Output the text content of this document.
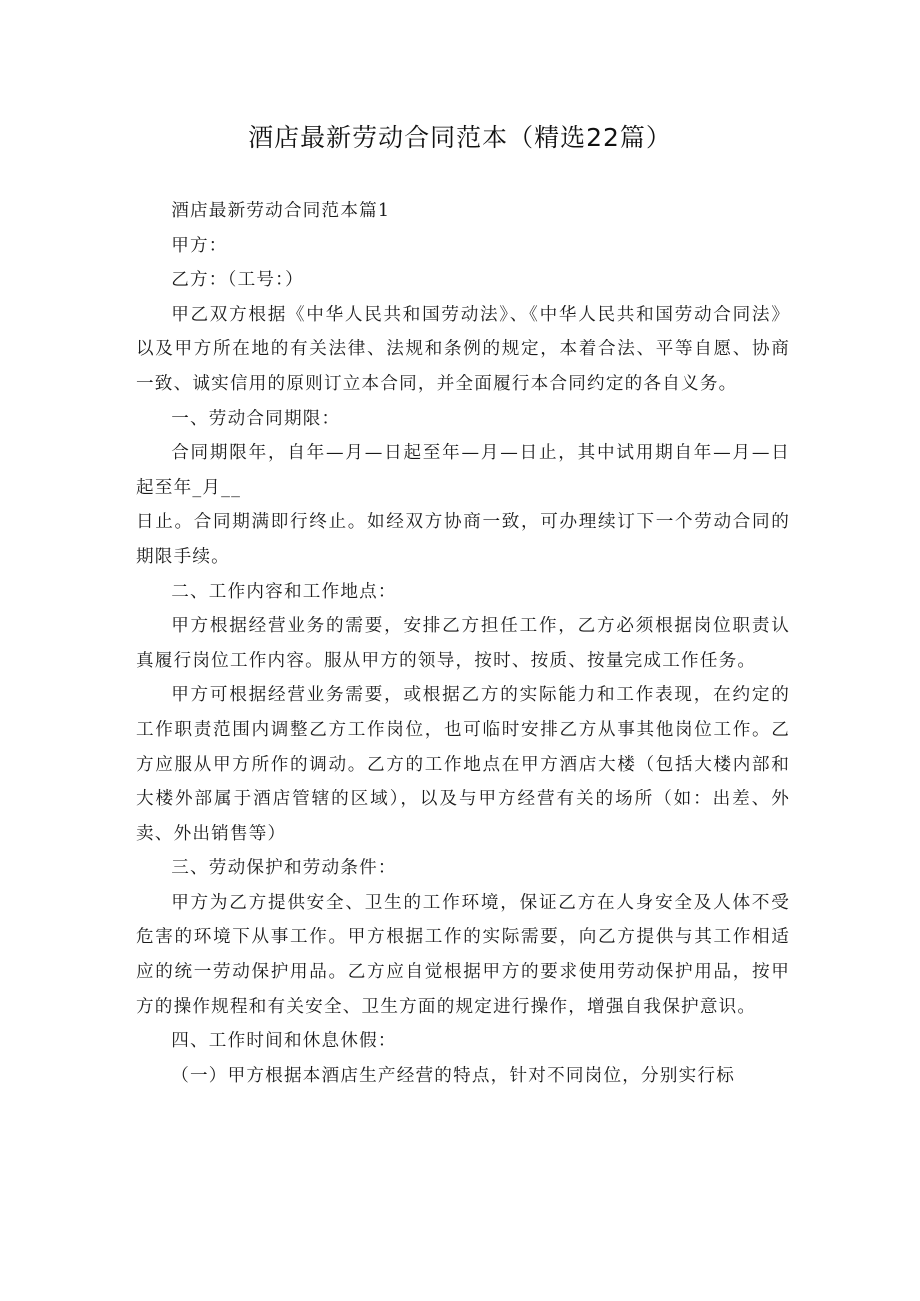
酒店最新劳动合同范本（精选22篇）

酒店最新劳动合同范本篇1

甲方：

乙方：（工号：）

甲乙双方根据《中华人民共和国劳动法》、《中华人民共和国劳动合同法》以及甲方所在地的有关法律、法规和条例的规定，本着合法、平等自愿、协商一致、诚实信用的原则订立本合同，并全面履行本合同约定的各自义务。

一、劳动合同期限：

合同期限年，自年—月—日起至年—月—日止，其中试用期自年—月—日起至年_月__

日止。合同期满即行终止。如经双方协商一致，可办理续订下一个劳动合同的期限手续。

二、工作内容和工作地点：

甲方根据经营业务的需要，安排乙方担任工作，乙方必须根据岗位职责认真履行岗位工作内容。服从甲方的领导，按时、按质、按量完成工作任务。

甲方可根据经营业务需要，或根据乙方的实际能力和工作表现，在约定的工作职责范围内调整乙方工作岗位，也可临时安排乙方从事其他岗位工作。乙方应服从甲方所作的调动。乙方的工作地点在甲方酒店大楼（包括大楼内部和大楼外部属于酒店管辖的区域），以及与甲方经营有关的场所（如：出差、外卖、外出销售等）

三、劳动保护和劳动条件：

甲方为乙方提供安全、卫生的工作环境，保证乙方在人身安全及人体不受危害的环境下从事工作。甲方根据工作的实际需要，向乙方提供与其工作相适应的统一劳动保护用品。乙方应自觉根据甲方的要求使用劳动保护用品，按甲方的操作规程和有关安全、卫生方面的规定进行操作，增强自我保护意识。

四、工作时间和休息休假：

（一）甲方根据本酒店生产经营的特点，针对不同岗位，分别实行标
